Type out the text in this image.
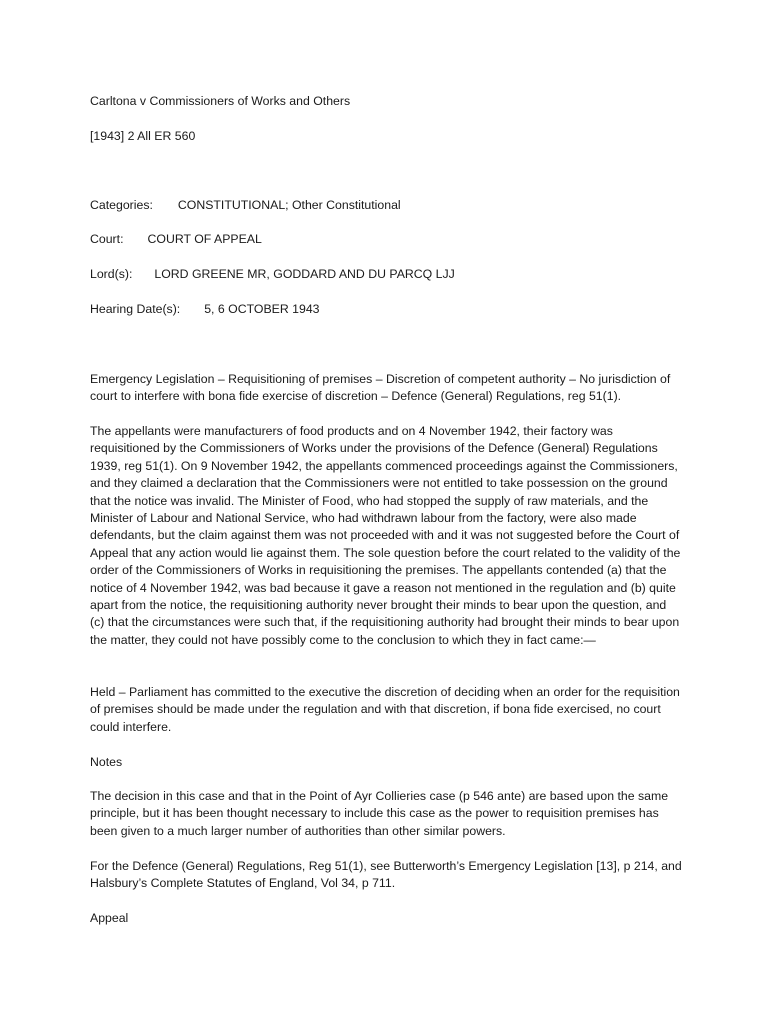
Carltona v Commissioners of Works and Others
[1943] 2 All ER 560
Categories: CONSTITUTIONAL; Other Constitutional
Court: COURT OF APPEAL
Lord(s): LORD GREENE MR, GODDARD AND DU PARCQ LJJ
Hearing Date(s): 5, 6 OCTOBER 1943
Emergency Legislation – Requisitioning of premises – Discretion of competent authority – No jurisdiction of court to interfere with bona fide exercise of discretion – Defence (General) Regulations, reg 51(1).
The appellants were manufacturers of food products and on 4 November 1942, their factory was requisitioned by the Commissioners of Works under the provisions of the Defence (General) Regulations 1939, reg 51(1). On 9 November 1942, the appellants commenced proceedings against the Commissioners, and they claimed a declaration that the Commissioners were not entitled to take possession on the ground that the notice was invalid. The Minister of Food, who had stopped the supply of raw materials, and the Minister of Labour and National Service, who had withdrawn labour from the factory, were also made defendants, but the claim against them was not proceeded with and it was not suggested before the Court of Appeal that any action would lie against them. The sole question before the court related to the validity of the order of the Commissioners of Works in requisitioning the premises. The appellants contended (a) that the notice of 4 November 1942, was bad because it gave a reason not mentioned in the regulation and (b) quite apart from the notice, the requisitioning authority never brought their minds to bear upon the question, and (c) that the circumstances were such that, if the requisitioning authority had brought their minds to bear upon the matter, they could not have possibly come to the conclusion to which they in fact came:—
Held – Parliament has committed to the executive the discretion of deciding when an order for the requisition of premises should be made under the regulation and with that discretion, if bona fide exercised, no court could interfere.
Notes
The decision in this case and that in the Point of Ayr Collieries case (p 546 ante) are based upon the same principle, but it has been thought necessary to include this case as the power to requisition premises has been given to a much larger number of authorities than other similar powers.
For the Defence (General) Regulations, Reg 51(1), see Butterworth’s Emergency Legislation [13], p 214, and Halsbury’s Complete Statutes of England, Vol 34, p 711.
Appeal
